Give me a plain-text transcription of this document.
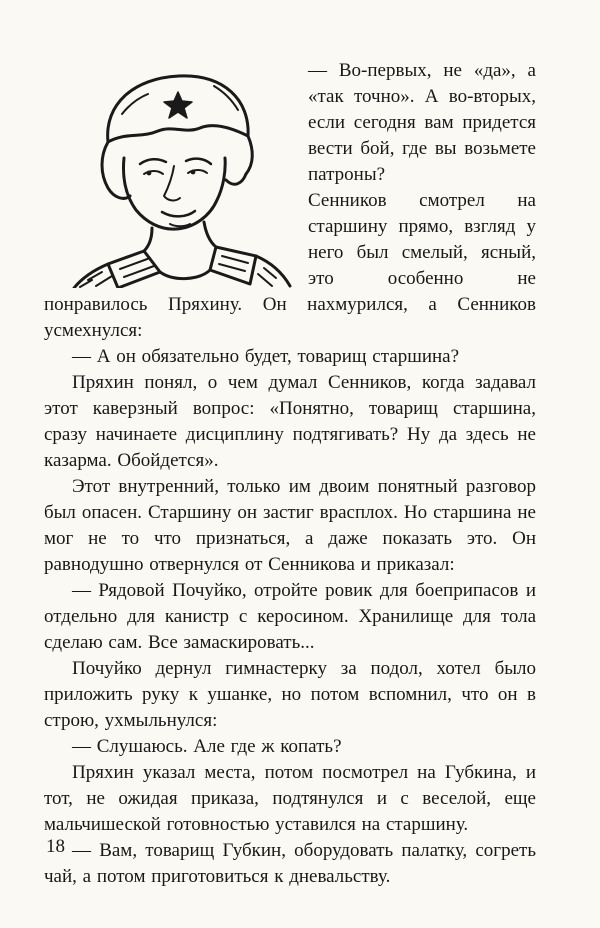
— Во-первых, не «да», а «так точно». А во-вторых, если сегодня вам придется вести бой, где вы возьмете патроны?

Сенников смотрел на старшину прямо, взгляд у него был смелый, ясный, это особенно не понравилось Пряхину. Он нахмурился, а Сенников усмехнулся:

— А он обязательно будет, товарищ старшина?

Пряхин понял, о чем думал Сенников, когда задавал этот каверзный вопрос: «Понятно, товарищ старшина, сразу начинаете дисциплину подтягивать? Ну да здесь не казарма. Обойдется».

Этот внутренний, только им двоим понятный разговор был опасен. Старшину он застиг врасплох. Но старшина не мог не то что признаться, а даже показать это. Он равнодушно отвернулся от Сенникова и приказал:

— Рядовой Почуйко, отройте ровик для боеприпасов и отдельно для канистр с керосином. Хранилище для тола сделаю сам. Все замаскировать...

Почуйко дернул гимнастерку за подол, хотел было приложить руку к ушанке, но потом вспомнил, что он в строю, ухмыльнулся:

— Слушаюсь. Але где ж копать?

Пряхин указал места, потом посмотрел на Губкина, и тот, не ожидая приказа, подтянулся и с веселой, еще мальчишеской готовностью уставился на старшину.

— Вам, товарищ Губкин, оборудовать палатку, согреть чай, а потом приготовиться к дневальству.

18
